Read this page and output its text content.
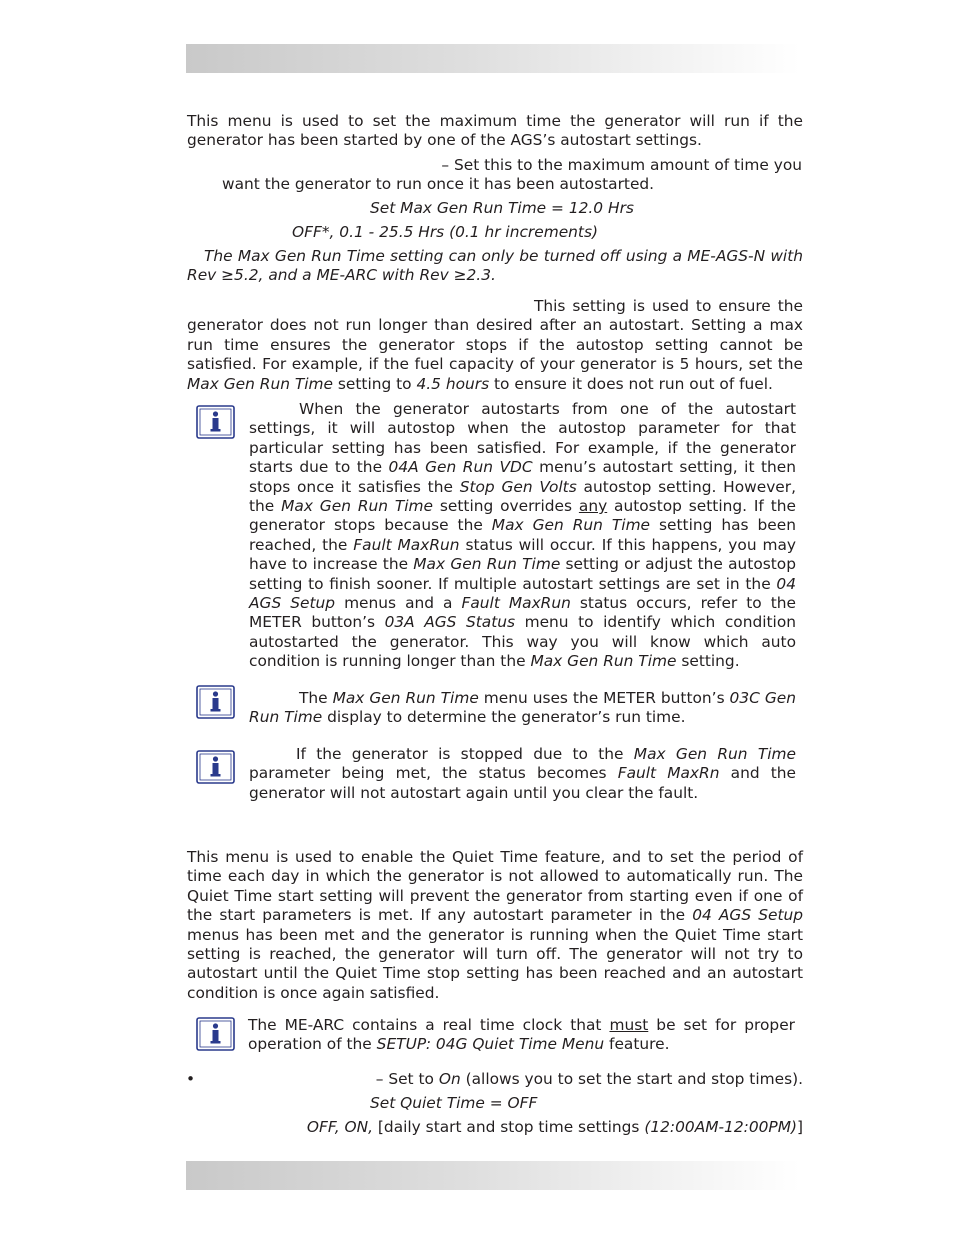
This menu is used to set the maximum time the generator will run if the generator has been started by one of the AGS’s autostart settings.

– Set this to the maximum amount of time you

want the generator to run once it has been autostarted.

Set Max Gen Run Time = 12.0 Hrs

OFF*, 0.1 - 25.5 Hrs (0.1 hr increments)

The Max Gen Run Time setting can only be turned off using a ME-AGS-N with Rev ≥5.2, and a ME-ARC with Rev ≥2.3.

This setting is used to ensure the generator does not run longer than desired after an autostart. Setting a max run time ensures the generator stops if the autostop setting cannot be satisfied. For example, if the fuel capacity of your generator is 5 hours, set the Max Gen Run Time setting to 4.5 hours to ensure it does not run out of fuel.

When the generator autostarts from one of the autostart settings, it will autostop when the autostop parameter for that particular setting has been satisfied. For example, if the generator starts due to the 04A Gen Run VDC menu’s autostart setting, it then stops once it satisfies the Stop Gen Volts autostop setting. However, the Max Gen Run Time setting overrides any autostop setting. If the generator stops because the Max Gen Run Time setting has been reached, the Fault MaxRun status will occur. If this happens, you may have to increase the Max Gen Run Time setting or adjust the autostop setting to finish sooner. If multiple autostart settings are set in the 04 AGS Setup menus and a Fault MaxRun status occurs, refer to the METER button’s 03A AGS Status menu to identify which condition autostarted the generator. This way you will know which auto condition is running longer than the Max Gen Run Time setting.

The Max Gen Run Time menu uses the METER button’s 03C Gen Run Time display to determine the generator’s run time.

If the generator is stopped due to the Max Gen Run Time parameter being met, the status becomes Fault MaxRn and the generator will not autostart again until you clear the fault.

This menu is used to enable the Quiet Time feature, and to set the period of time each day in which the generator is not allowed to automatically run. The Quiet Time start setting will prevent the generator from starting even if one of the start parameters is met. If any autostart parameter in the 04 AGS Setup menus has been met and the generator is running when the Quiet Time start setting is reached, the generator will turn off. The generator will not try to autostart until the Quiet Time stop setting has been reached and an autostart condition is once again satisfied.

The ME-ARC contains a real time clock that must be set for proper operation of the SETUP: 04G Quiet Time Menu feature.

•	– Set to On (allows you to set the start and stop times).

Set Quiet Time = OFF

OFF, ON, [daily start and stop time settings (12:00AM-12:00PM)]
